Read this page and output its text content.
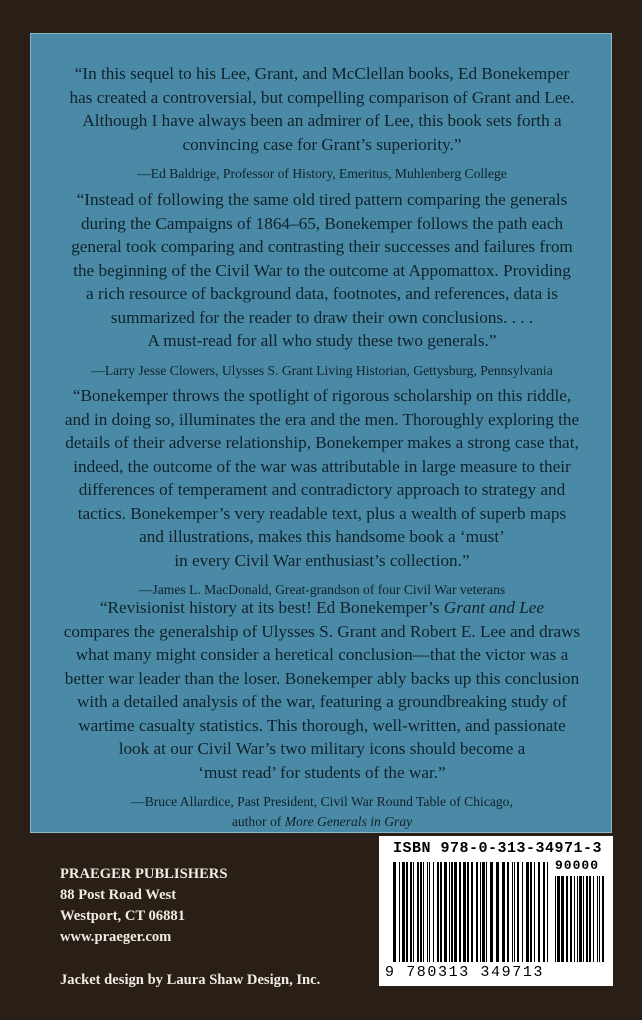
“In this sequel to his Lee, Grant, and McClellan books, Ed Bonekemper

has created a controversial, but compelling comparison of Grant and Lee.

Although I have always been an admirer of Lee, this book sets forth a

convincing case for Grant’s superiority.”

—Ed Baldrige, Professor of History, Emeritus, Muhlenberg College

“Instead of following the same old tired pattern comparing the generals

during the Campaigns of 1864–65, Bonekemper follows the path each

general took comparing and contrasting their successes and failures from

the beginning of the Civil War to the outcome at Appomattox. Providing

a rich resource of background data, footnotes, and references, data is

summarized for the reader to draw their own conclusions. . . .

A must-read for all who study these two generals.”

—Larry Jesse Clowers, Ulysses S. Grant Living Historian, Gettysburg, Pennsylvania

“Bonekemper throws the spotlight of rigorous scholarship on this riddle,

and in doing so, illuminates the era and the men. Thoroughly exploring the

details of their adverse relationship, Bonekemper makes a strong case that,

indeed, the outcome of the war was attributable in large measure to their

differences of temperament and contradictory approach to strategy and

tactics. Bonekemper’s very readable text, plus a wealth of superb maps

and illustrations, makes this handsome book a ‘must’

in every Civil War enthusiast’s collection.”

—James L. MacDonald, Great-grandson of four Civil War veterans

“Revisionist history at its best! Ed Bonekemper’s Grant and Lee

compares the generalship of Ulysses S. Grant and Robert E. Lee and draws

what many might consider a heretical conclusion—that the victor was a

better war leader than the loser. Bonekemper ably backs up this conclusion

with a detailed analysis of the war, featuring a groundbreaking study of

wartime casualty statistics. This thorough, well-written, and passionate

look at our Civil War’s two military icons should become a

‘must read’ for students of the war.”

—Bruce Allardice, Past President, Civil War Round Table of Chicago,
author of More Generals in Gray
PRAEGER PUBLISHERS
88 Post Road West
Westport, CT 06881
www.praeger.com
Jacket design by Laura Shaw Design, Inc.
ISBN 978-0-313-34971-3
90000
9 780313 349713
